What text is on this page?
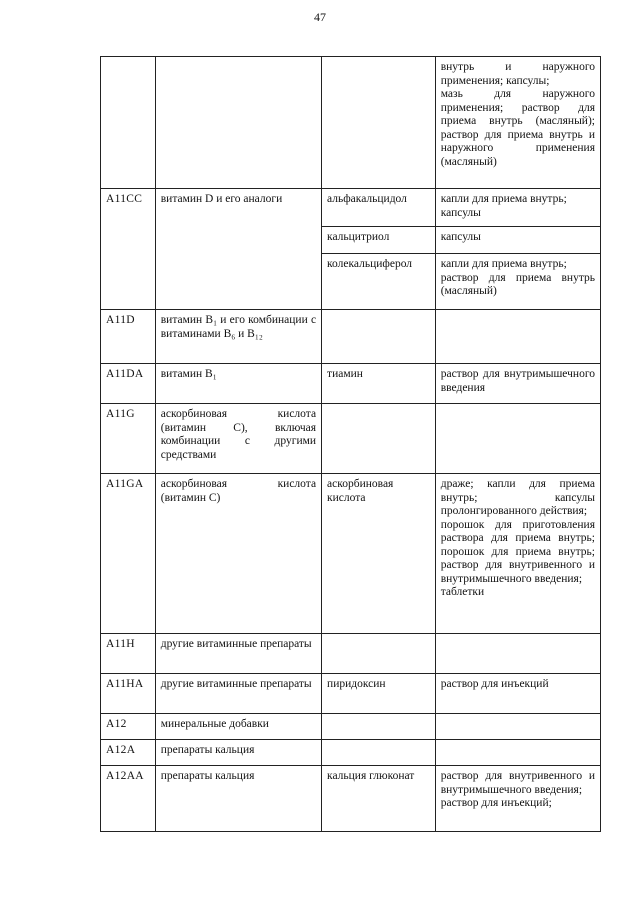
47

			внутрь и наружного применения; капсулы;
мазь для наружного применения; раствор для приема внутрь (масляный); раствор для приема внутрь и наружного применения (масляный)

A11CC	витамин D и его аналоги	альфакальцидол	капли для приема внутрь;
капсулы

		кальцитриол	капсулы

		колекальциферол	капли для приема внутрь;
раствор для приема внутрь (масляный)

A11D	витамин B₁ и его комбинации с витаминами B₆ и B₁₂		
A11DA	витамин B₁	тиамин	раствор для внутримышечного введения

A11G	аскорбиновая кислота (витамин C), включая комбинации с другими средствами		
A11GA	аскорбиновая кислота (витамин C)	аскорбиновая кислота	драже; капли для приема внутрь; капсулы пролонгированного действия;
порошок для приготовления раствора для приема внутрь; порошок для приема внутрь; раствор для внутривенного и внутримышечного введения;
таблетки

A11H	другие витаминные препараты		
A11HA	другие витаминные препараты	пиридоксин	раствор для инъекций

A12	минеральные добавки		
A12A	препараты кальция		
A12AA	препараты кальция	кальция глюконат	раствор для внутривенного и внутримышечного введения;
раствор для инъекций;
